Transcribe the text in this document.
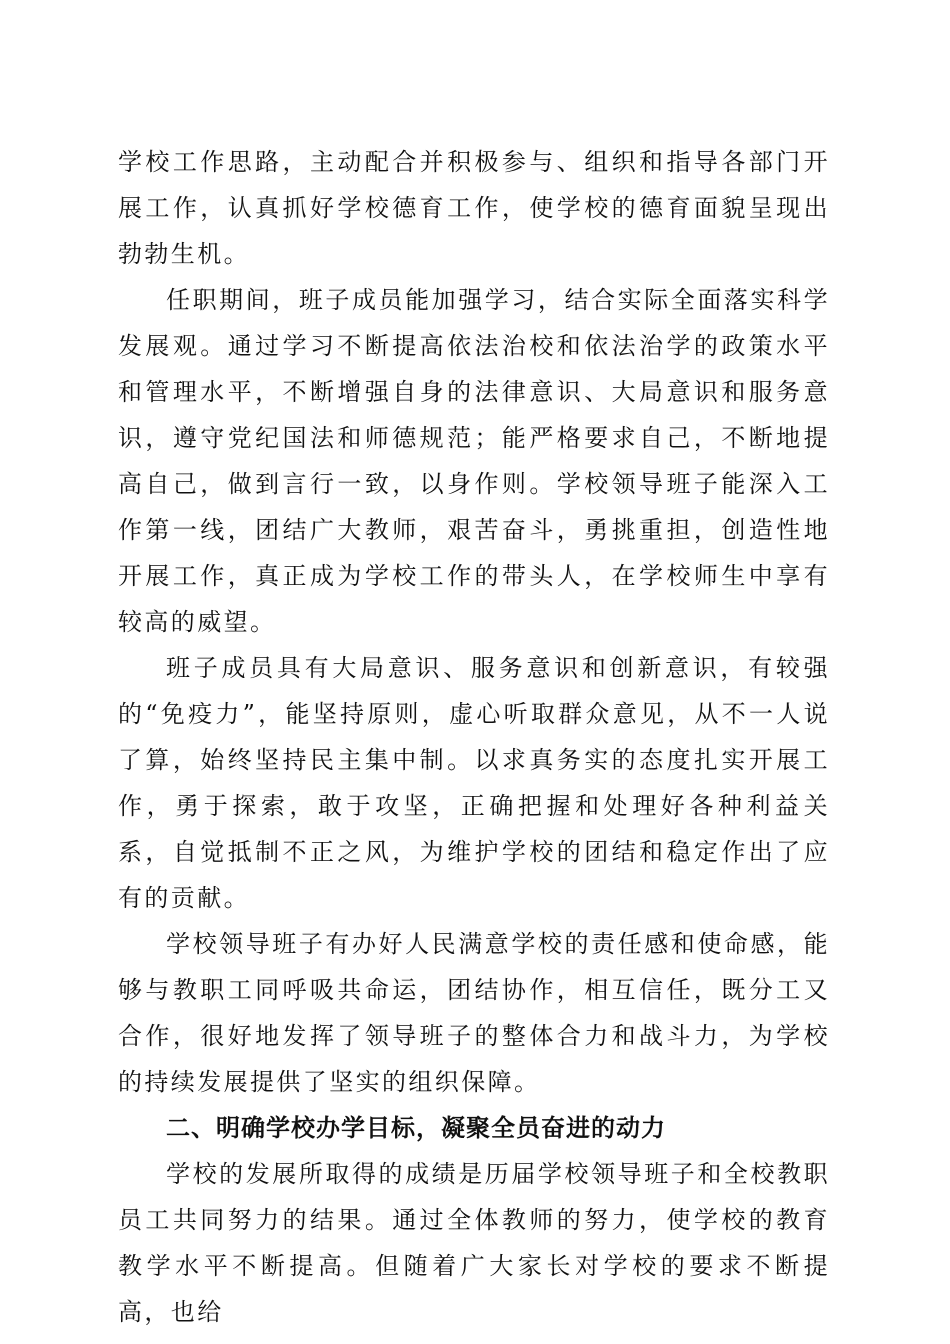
学校工作思路，主动配合并积极参与、组织和指导各部门开展工作，认真抓好学校德育工作，使学校的德育面貌呈现出勃勃生机。

任职期间，班子成员能加强学习，结合实际全面落实科学发展观。通过学习不断提高依法治校和依法治学的政策水平和管理水平，不断增强自身的法律意识、大局意识和服务意识，遵守党纪国法和师德规范；能严格要求自己，不断地提高自己，做到言行一致，以身作则。学校领导班子能深入工作第一线，团结广大教师，艰苦奋斗，勇挑重担，创造性地开展工作，真正成为学校工作的带头人，在学校师生中享有较高的威望。

班子成员具有大局意识、服务意识和创新意识，有较强的“免疫力”，能坚持原则，虚心听取群众意见，从不一人说了算，始终坚持民主集中制。以求真务实的态度扎实开展工作，勇于探索，敢于攻坚，正确把握和处理好各种利益关系，自觉抵制不正之风，为维护学校的团结和稳定作出了应有的贡献。

学校领导班子有办好人民满意学校的责任感和使命感，能够与教职工同呼吸共命运，团结协作，相互信任，既分工又合作，很好地发挥了领导班子的整体合力和战斗力，为学校的持续发展提供了坚实的组织保障。

二、明确学校办学目标，凝聚全员奋进的动力

学校的发展所取得的成绩是历届学校领导班子和全校教职员工共同努力的结果。通过全体教师的努力，使学校的教育教学水平不断提高。但随着广大家长对学校的要求不断提高，也给
